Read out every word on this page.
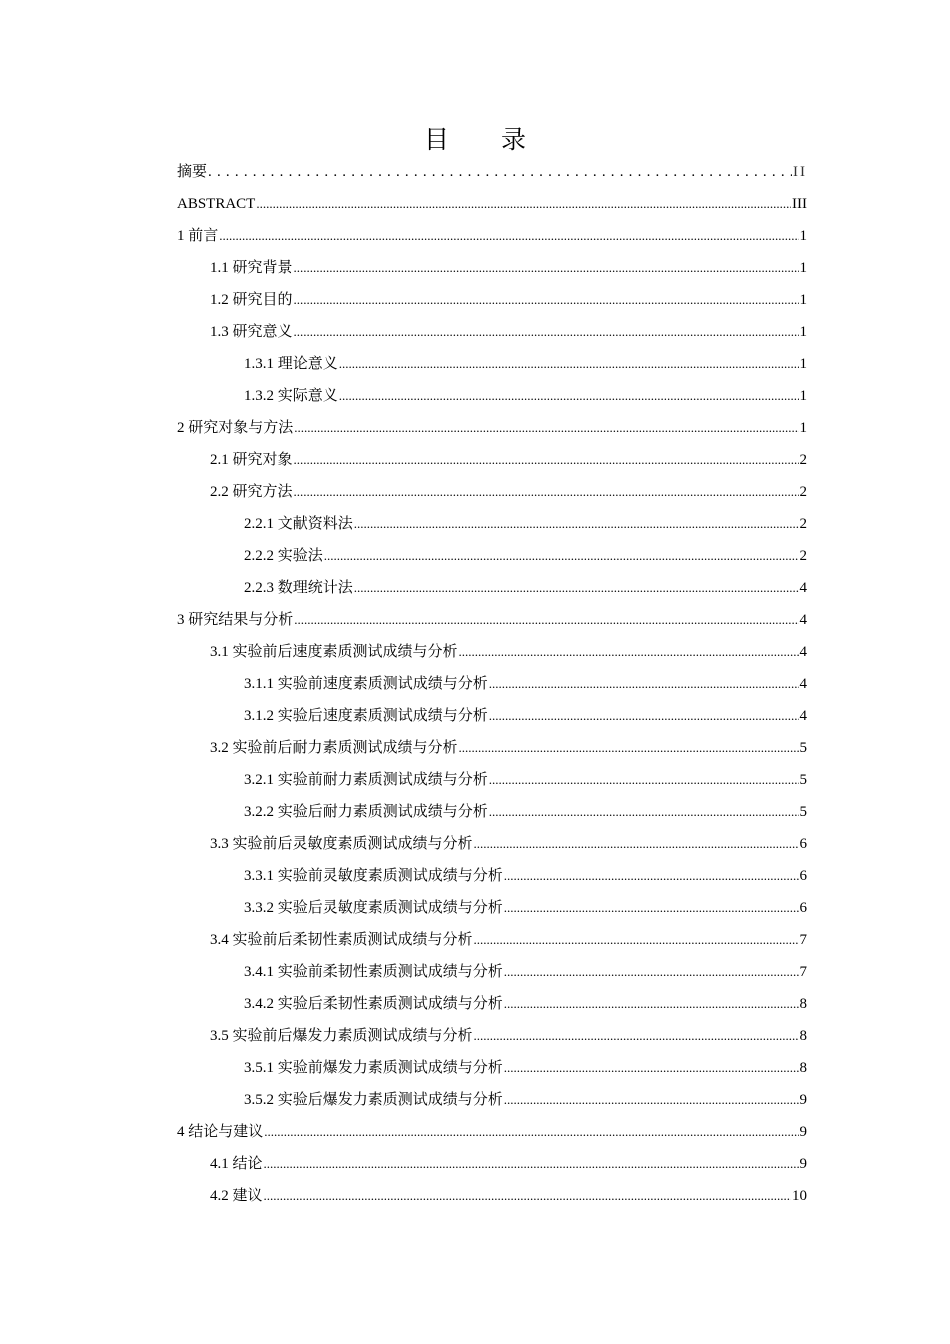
目 录
摘要 .....	II
ABSTRACT .....	III
1 前言 .....	1
1.1 研究背景 .....	1
1.2 研究目的 .....	1
1.3 研究意义 .....	1
1.3.1 理论意义 .....	1
1.3.2 实际意义 .....	1
2 研究对象与方法 .....	1
2.1 研究对象 .....	2
2.2 研究方法 .....	2
2.2.1 文献资料法 .....	2
2.2.2 实验法 .....	2
2.2.3 数理统计法 .....	4
3 研究结果与分析 .....	4
3.1 实验前后速度素质测试成绩与分析 .....	4
3.1.1 实验前速度素质测试成绩与分析 .....	4
3.1.2 实验后速度素质测试成绩与分析 .....	4
3.2 实验前后耐力素质测试成绩与分析 .....	5
3.2.1 实验前耐力素质测试成绩与分析 .....	5
3.2.2 实验后耐力素质测试成绩与分析 .....	5
3.3 实验前后灵敏度素质测试成绩与分析 .....	6
3.3.1 实验前灵敏度素质测试成绩与分析 .....	6
3.3.2 实验后灵敏度素质测试成绩与分析 .....	6
3.4 实验前后柔韧性素质测试成绩与分析 .....	7
3.4.1 实验前柔韧性素质测试成绩与分析 .....	7
3.4.2 实验后柔韧性素质测试成绩与分析 .....	8
3.5 实验前后爆发力素质测试成绩与分析 .....	8
3.5.1 实验前爆发力素质测试成绩与分析 .....	8
3.5.2 实验后爆发力素质测试成绩与分析 .....	9
4 结论与建议 .....	9
4.1 结论 .....	9
4.2 建议 .....	10
